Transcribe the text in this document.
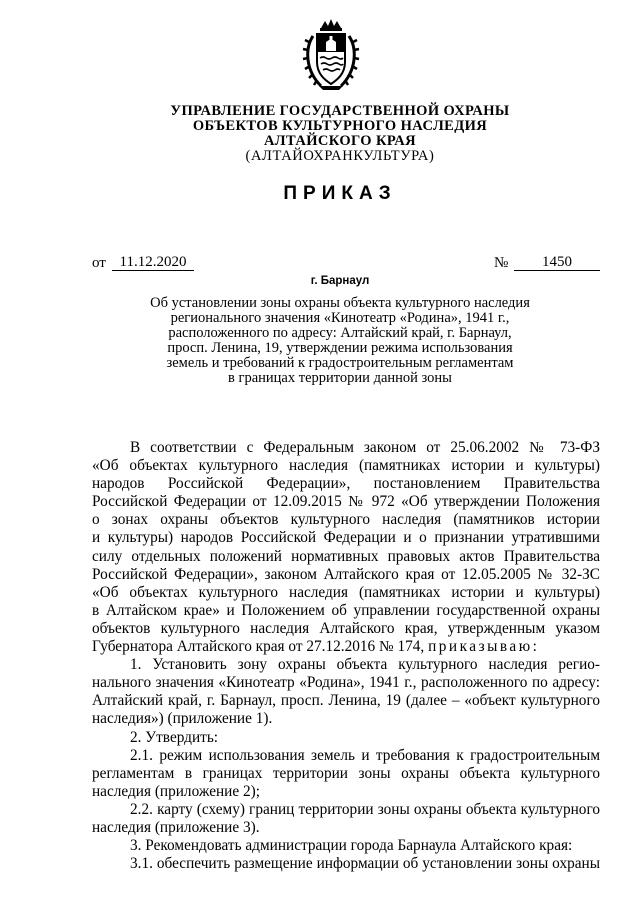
УПРАВЛЕНИЕ ГОСУДАРСТВЕННОЙ ОХРАНЫ
ОБЪЕКТОВ КУЛЬТУРНОГО НАСЛЕДИЯ
АЛТАЙСКОГО КРАЯ
(АЛТАЙОХРАНКУЛЬТУРА)
ПРИКАЗ
от 11.12.2020	№	1450
г. Барнаул
Об установлении зоны охраны объекта культурного наследия
регионального значения «Кинотеатр «Родина», 1941 г.,
расположенного по адресу: Алтайский край, г. Барнаул,
просп. Ленина, 19, утверждении режима использования
земель и требований к градостроительным регламентам
в границах территории данной зоны
В соответствии с Федеральным законом от 25.06.2002 № 73-ФЗ
«Об объектах культурного наследия (памятниках истории и культуры)
народов Российской Федерации», постановлением Правительства
Российской Федерации от 12.09.2015 № 972 «Об утверждении Положения
о зонах охраны объектов культурного наследия (памятников истории
и культуры) народов Российской Федерации и о признании утратившими
силу отдельных положений нормативных правовых актов Правительства
Российской Федерации», законом Алтайского края от 12.05.2005 № 32-ЗС
«Об объектах культурного наследия (памятниках истории и культуры)
в Алтайском крае» и Положением об управлении государственной охраны
объектов культурного наследия Алтайского края, утвержденным указом
Губернатора Алтайского края от 27.12.2016 № 174, приказываю:
1. Установить зону охраны объекта культурного наследия регио-
нального значения «Кинотеатр «Родина», 1941 г., расположенного по адресу:
Алтайский край, г. Барнаул, просп. Ленина, 19 (далее – «объект культурного
наследия») (приложение 1).
2. Утвердить:
2.1. режим использования земель и требования к градостроительным
регламентам в границах территории зоны охраны объекта культурного
наследия (приложение 2);
2.2. карту (схему) границ территории зоны охраны объекта культурного
наследия (приложение 3).
3. Рекомендовать администрации города Барнаула Алтайского края:
3.1. обеспечить размещение информации об установлении зоны охраны
